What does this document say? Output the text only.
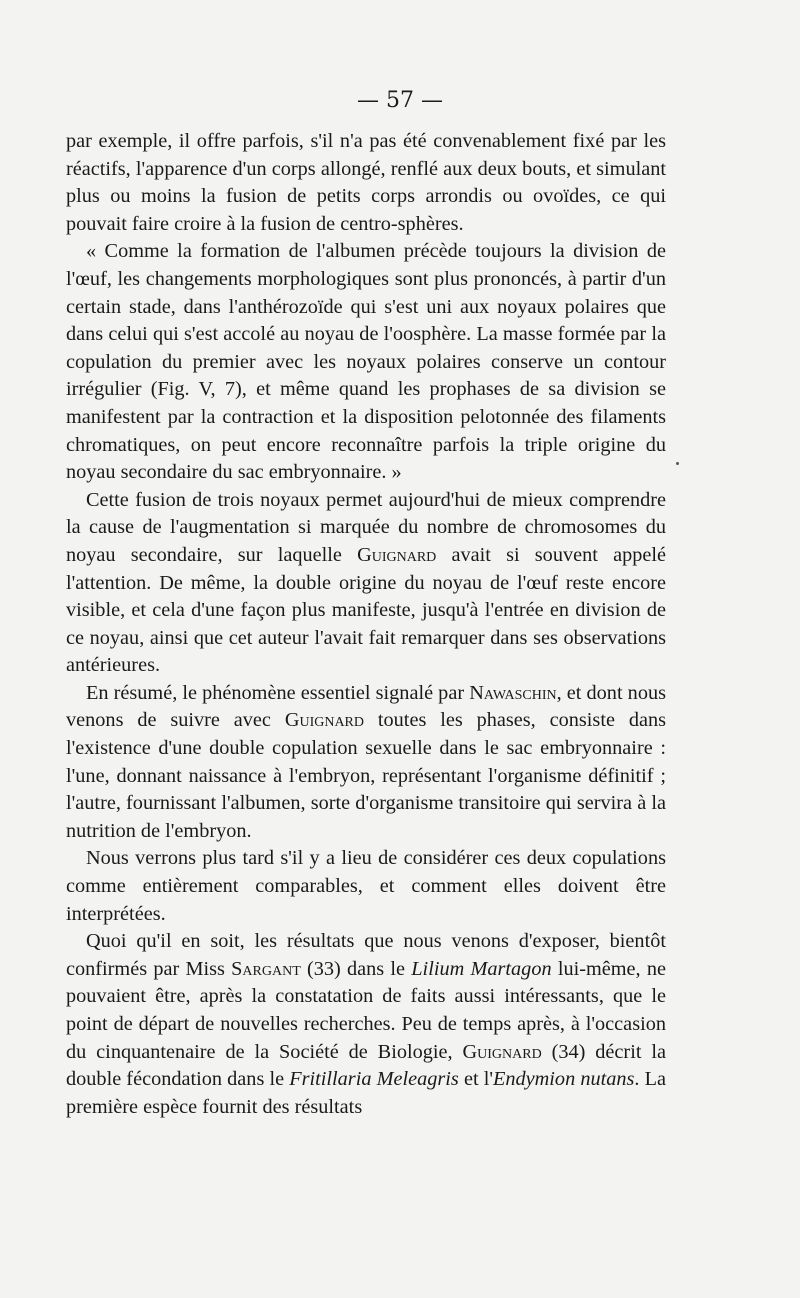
— 57 —

par exemple, il offre parfois, s'il n'a pas été convenablement fixé par les réactifs, l'apparence d'un corps allongé, renflé aux deux bouts, et simulant plus ou moins la fusion de petits corps arrondis ou ovoïdes, ce qui pouvait faire croire à la fusion de centro-sphères.

« Comme la formation de l'albumen précède toujours la division de l'œuf, les changements morphologiques sont plus prononcés, à partir d'un certain stade, dans l'anthérozoïde qui s'est uni aux noyaux polaires que dans celui qui s'est accolé au noyau de l'oosphère. La masse formée par la copulation du premier avec les noyaux polaires conserve un contour irrégulier (Fig. V, 7), et même quand les prophases de sa division se manifestent par la contraction et la disposition pelotonnée des filaments chromatiques, on peut encore reconnaître parfois la triple origine du noyau secondaire du sac embryonnaire. »

Cette fusion de trois noyaux permet aujourd'hui de mieux comprendre la cause de l'augmentation si marquée du nombre de chromosomes du noyau secondaire, sur laquelle Guignard avait si souvent appelé l'attention. De même, la double origine du noyau de l'œuf reste encore visible, et cela d'une façon plus manifeste, jusqu'à l'entrée en division de ce noyau, ainsi que cet auteur l'avait fait remarquer dans ses observations antérieures.

En résumé, le phénomène essentiel signalé par Nawaschin, et dont nous venons de suivre avec Guignard toutes les phases, consiste dans l'existence d'une double copulation sexuelle dans le sac embryonnaire : l'une, donnant naissance à l'embryon, représentant l'organisme définitif ; l'autre, fournissant l'albumen, sorte d'organisme transitoire qui servira à la nutrition de l'embryon.

Nous verrons plus tard s'il y a lieu de considérer ces deux copulations comme entièrement comparables, et comment elles doivent être interprétées.

Quoi qu'il en soit, les résultats que nous venons d'exposer, bientôt confirmés par Miss Sargant (33) dans le Lilium Martagon lui-même, ne pouvaient être, après la constatation de faits aussi intéressants, que le point de départ de nouvelles recherches. Peu de temps après, à l'occasion du cinquantenaire de la Société de Biologie, Guignard (34) décrit la double fécondation dans le Fritillaria Meleagris et l'Endymion nutans. La première espèce fournit des résultats
